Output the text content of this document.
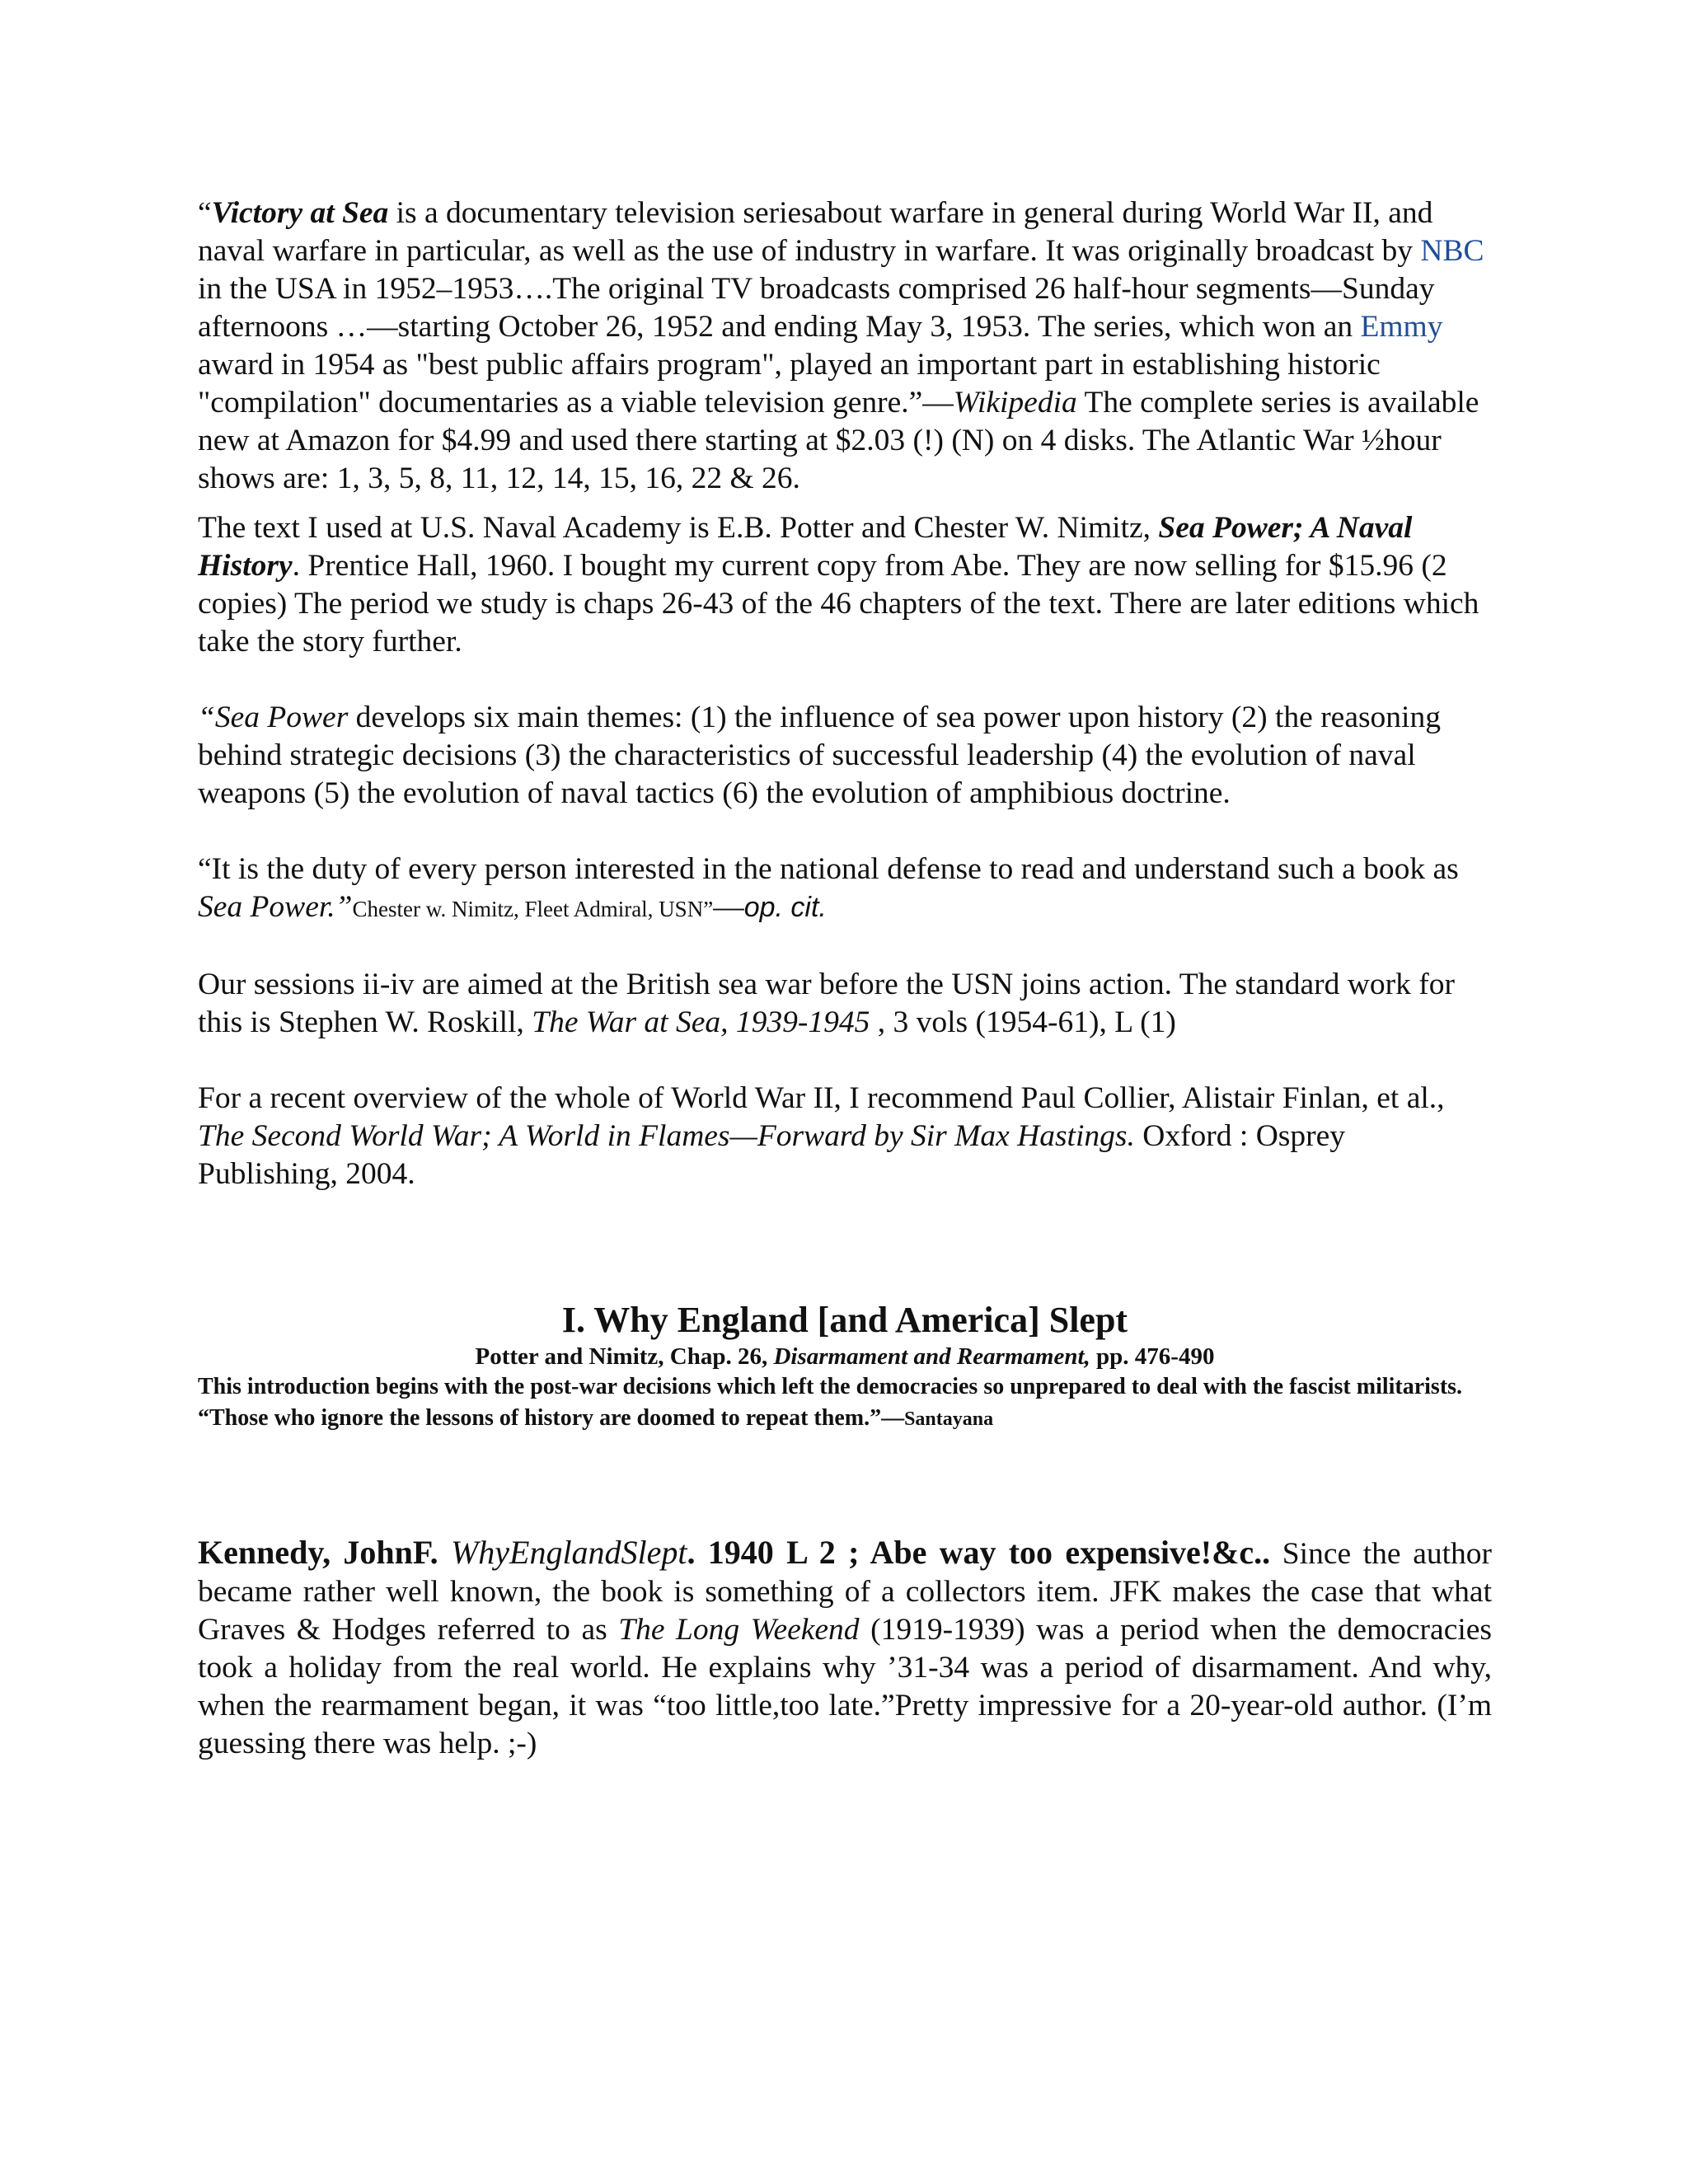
“Victory at Sea is a documentary television seriesabout warfare in general during World War II, and naval warfare in particular, as well as the use of industry in warfare. It was originally broadcast by NBC in the USA in 1952–1953….The original TV broadcasts comprised 26 half-hour segments—Sunday afternoons …—starting October 26, 1952 and ending May 3, 1953. The series, which won an Emmy award in 1954 as "best public affairs program", played an important part in establishing historic "compilation" documentaries as a viable television genre.”—Wikipedia The complete series is available new at Amazon for $4.99 and used there starting at $2.03 (!) (N) on 4 disks. The Atlantic War ½hour shows are: 1, 3, 5, 8, 11, 12, 14, 15, 16, 22 & 26.

The text I used at U.S. Naval Academy is E.B. Potter and Chester W. Nimitz, Sea Power; A Naval History. Prentice Hall, 1960. I bought my current copy from Abe. They are now selling for $15.96 (2 copies) The period we study is chaps 26-43 of the 46 chapters of the text. There are later editions which take the story further.

“Sea Power develops six main themes: (1) the influence of sea power upon history (2) the reasoning behind strategic decisions (3) the characteristics of successful leadership (4) the evolution of naval weapons (5) the evolution of naval tactics (6) the evolution of amphibious doctrine.

“It is the duty of every person interested in the national defense to read and understand such a book as Sea Power.”Chester w. Nimitz, Fleet Admiral, USN”—op. cit.

Our sessions ii-iv are aimed at the British sea war before the USN joins action. The standard work for this is Stephen W. Roskill, The War at Sea, 1939-1945 , 3 vols (1954-61), L (1)

For a recent overview of the whole of World War II, I recommend Paul Collier, Alistair Finlan, et al., The Second World War; A World in Flames—Forward by Sir Max Hastings. Oxford : Osprey Publishing, 2004.

I. Why England [and America] Slept

Potter and Nimitz, Chap. 26, Disarmament and Rearmament, pp. 476-490

This introduction begins with the post-war decisions which left the democracies so unprepared to deal with the fascist militarists. “Those who ignore the lessons of history are doomed to repeat them.”—Santayana

Kennedy, JohnF. WhyEnglandSlept. 1940 L 2 ; Abe way too expensive!&c.. Since the author became rather well known, the book is something of a collectors item. JFK makes the case that what Graves & Hodges referred to as The Long Weekend (1919-1939) was a period when the democracies took a holiday from the real world. He explains why ’31-34 was a period of disarmament. And why, when the rearmament began, it was “too little,too late.”Pretty impressive for a 20-year-old author. (I’m guessing there was help. ;-)
